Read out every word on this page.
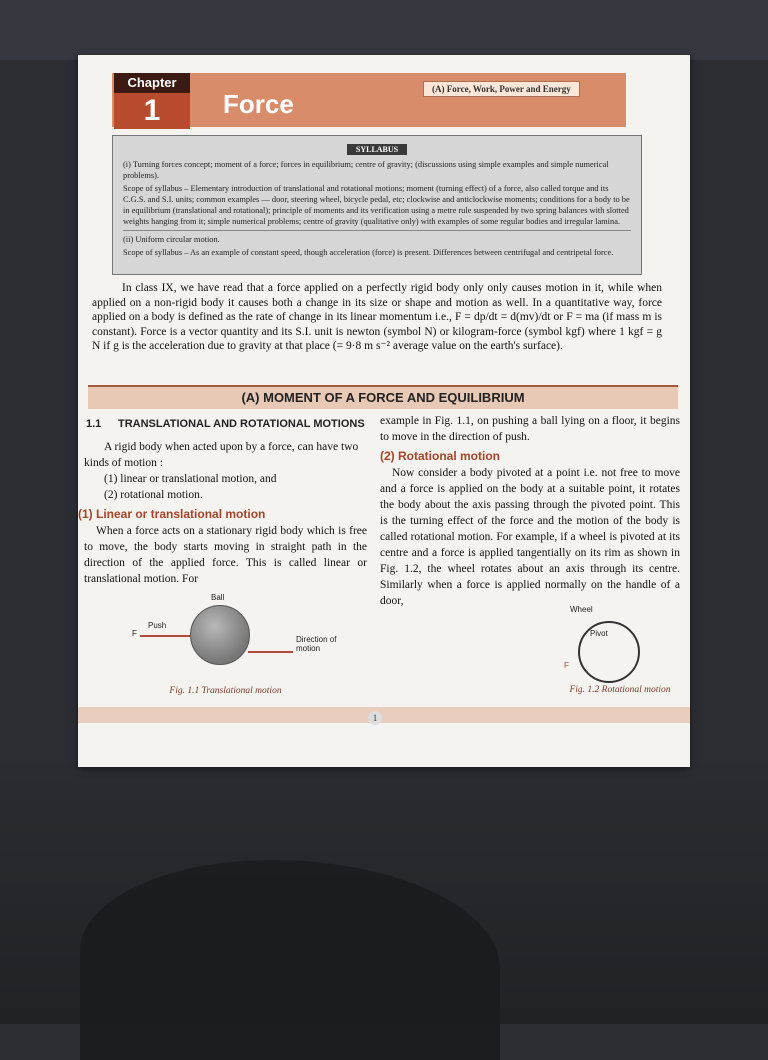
Chapter
1	Force	(A) Force, Work, Power and Energy
SYLLABUS

(i) Turning forces concept; moment of a force; forces in equilibrium; centre of gravity; (discussions using simple examples and simple numerical problems).

Scope of syllabus – Elementary introduction of translational and rotational motions; moment (turning effect) of a force, also called torque and its C.G.S. and S.I. units; common examples — door, steering wheel, bicycle pedal, etc; clockwise and anticlockwise moments; conditions for a body to be in equilibrium (translational and rotational); principle of moments and its verification using a metre rule suspended by two spring balances with slotted weights hanging from it; simple numerical problems; centre of gravity (qualitative only) with examples of some regular bodies and irregular lamina.

(ii) Uniform circular motion.

Scope of syllabus – As an example of constant speed, though acceleration (force) is present. Differences between centrifugal and centripetal force.

In class IX, we have read that a force applied on a perfectly rigid body only only causes motion in it, while when applied on a non-rigid body it causes both a change in its size or shape and motion as well. In a quantitative way, force applied on a body is defined as the rate of change in its linear momentum i.e., F = dp/dt = d(mv)/dt or F = ma (if mass m is constant). Force is a vector quantity and its S.I. unit is newton (symbol N) or kilogram-force (symbol kgf) where 1 kgf = g N if g is the acceleration due to gravity at that place (= 9·8 m s⁻² average value on the earth's surface).

(A) MOMENT OF A FORCE AND EQUILIBRIUM
1.1 TRANSLATIONAL AND ROTATIONAL MOTIONS

A rigid body when acted upon by a force, can have two kinds of motion :

(1) linear or translational motion, and

(2) rotational motion.

(1) Linear or translational motion

When a force acts on a stationary rigid body which is free to move, the body starts moving in straight path in the direction of the applied force. This is called linear or translational motion. For

Ball
Push
F
Direction of motion
Fig. 1.1 Translational motion

example in Fig. 1.1, on pushing a ball lying on a floor, it begins to move in the direction of push.

(2) Rotational motion

Now consider a body pivoted at a point i.e. not free to move and a force is applied on the body at a suitable point, it rotates the body about the axis passing through the pivoted point. This is the turning effect of the force and the motion of the body is called rotational motion. For example, if a wheel is pivoted at its centre and a force is applied tangentially on its rim as shown in Fig. 1.2, the wheel rotates about an axis through its centre. Similarly when a force is applied normally on the handle of a door,

Wheel
Pivot
F
Fig. 1.2 Rotational motion
1
